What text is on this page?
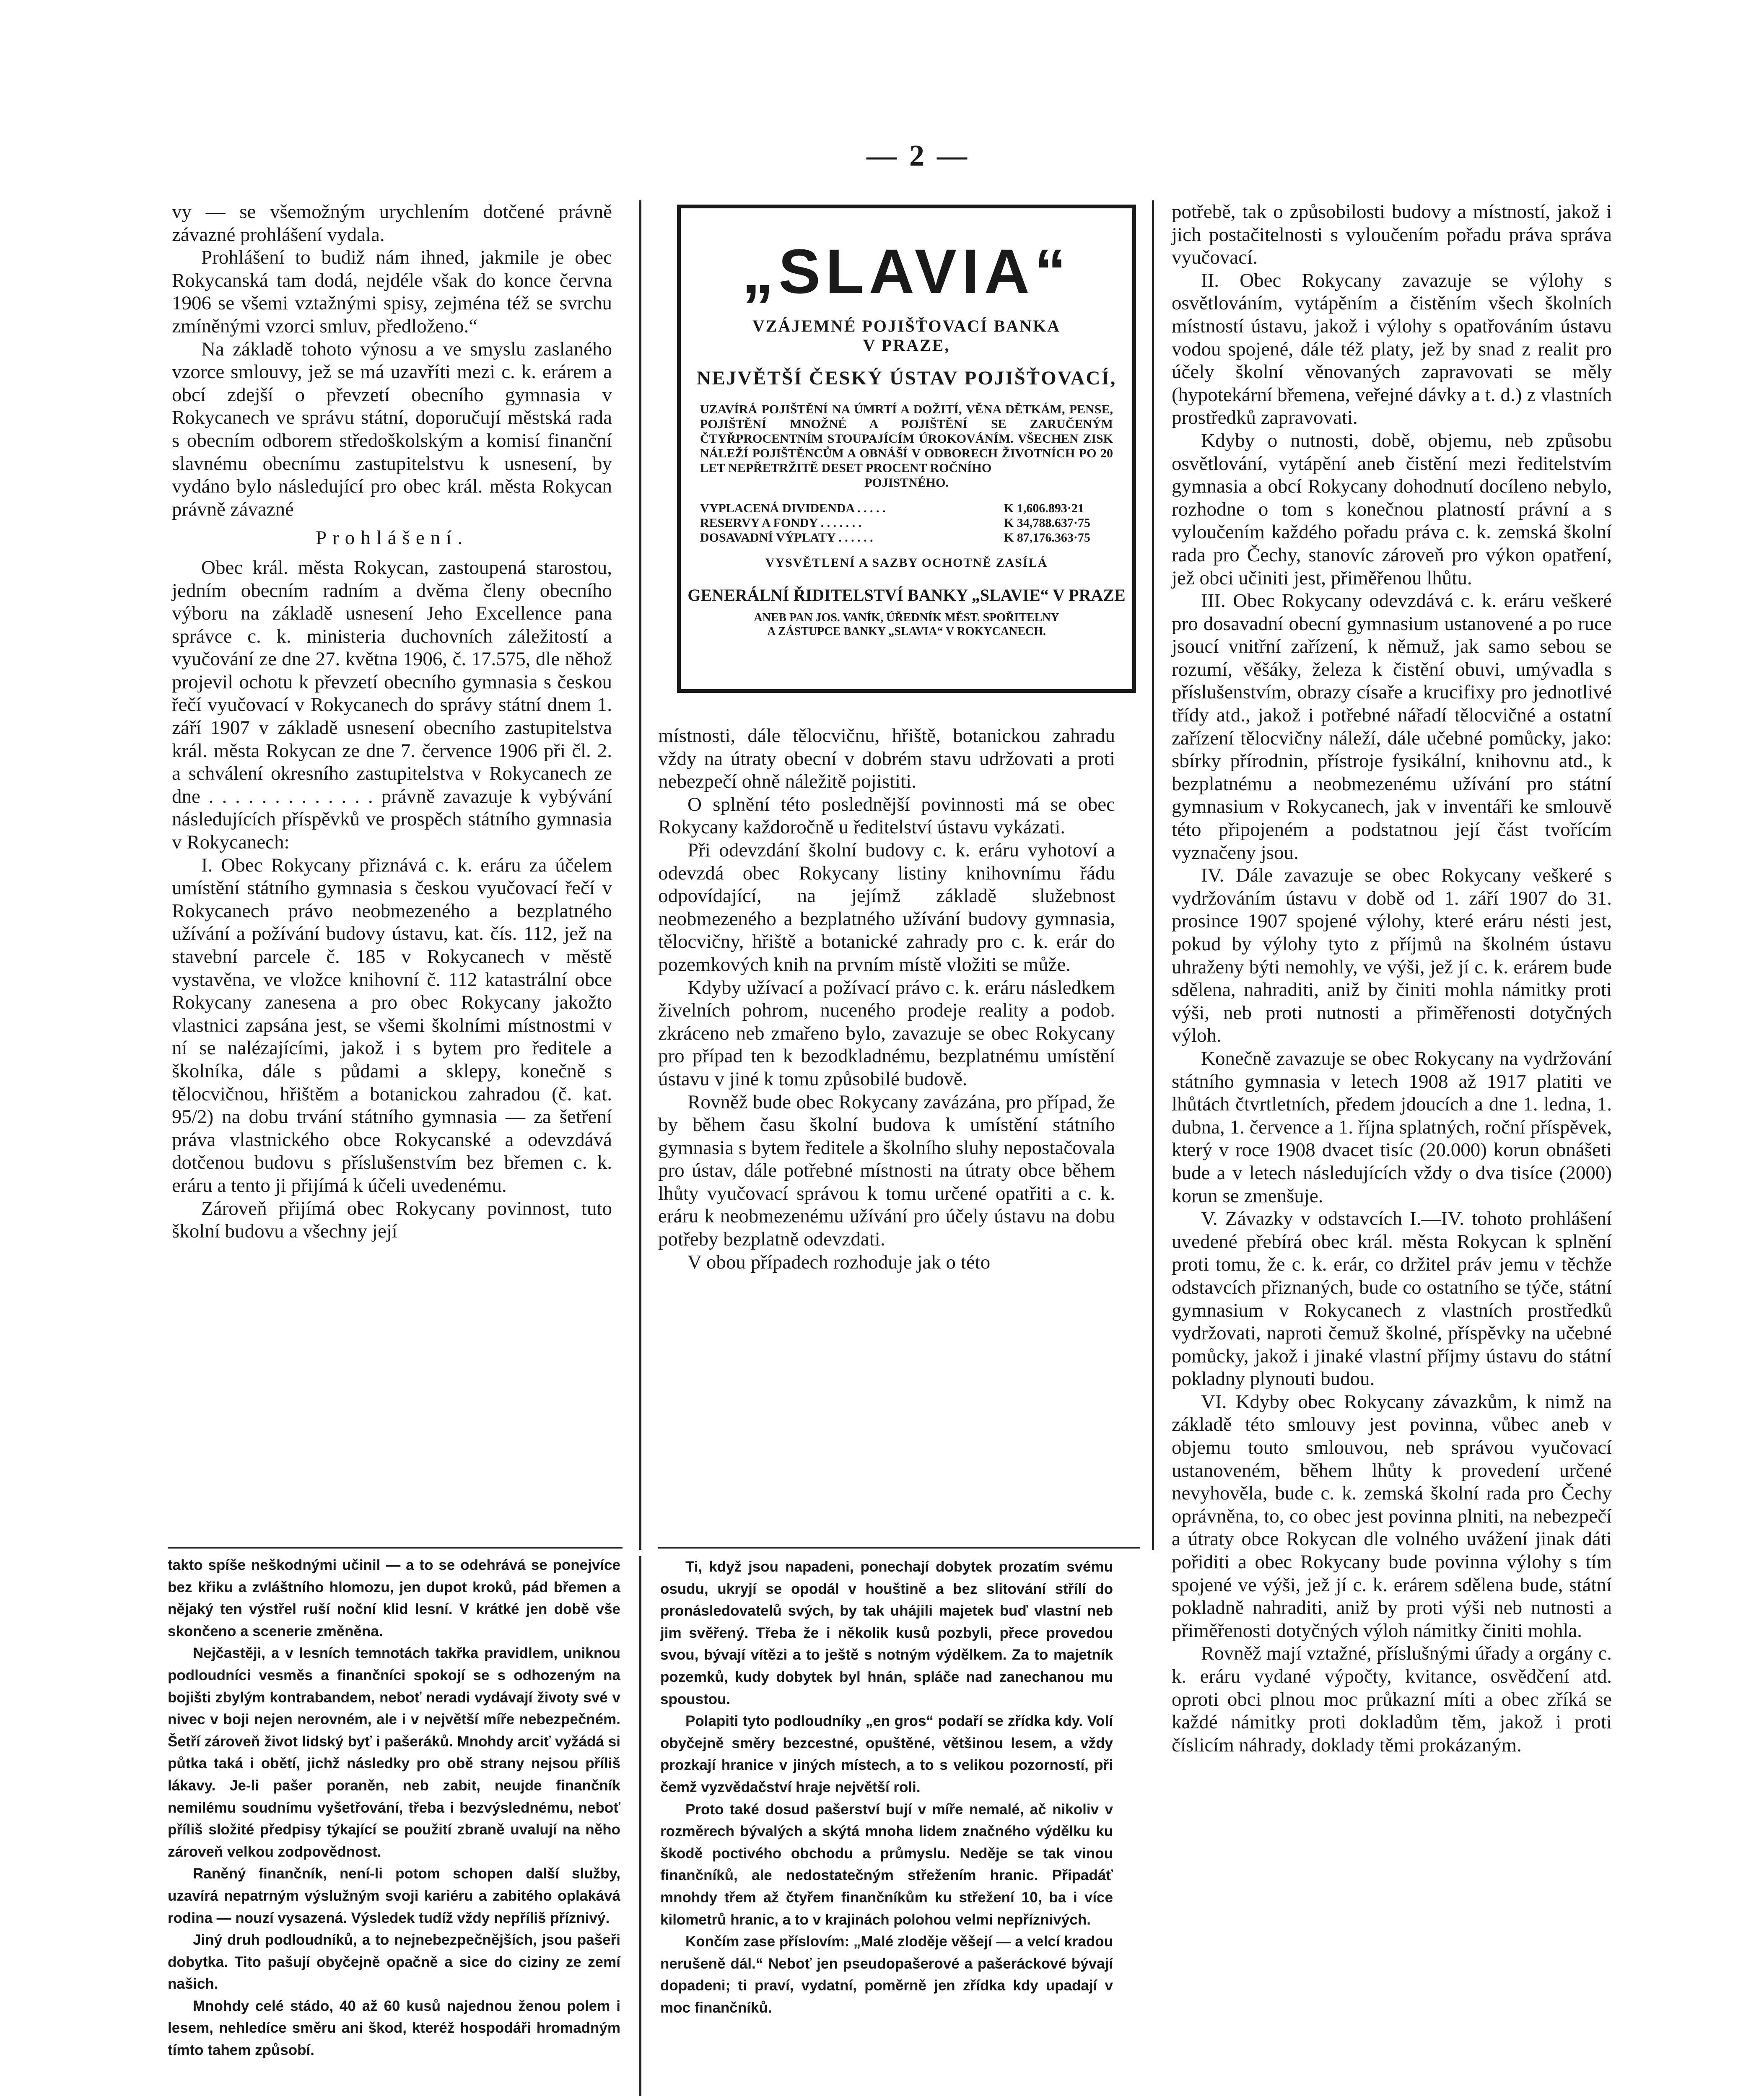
— 2 —

vy — se všemožným urychlením dotčené právně závazné prohlášení vydala.

Prohlášení to budiž nám ihned, jakmile je obec Rokycanská tam dodá, nejdéle však do konce června 1906 se všemi vztažnými spisy, zejména též se svrchu zmíněnými vzorci smluv, předloženo.“

Na základě tohoto výnosu a ve smyslu zaslaného vzorce smlouvy, jež se má uzavříti mezi c. k. erárem a obcí zdejší o převzetí obecního gymnasia v Rokycanech ve správu státní, doporučují městská rada s obecním odborem středoškolským a komisí finanční slavnému obecnímu zastupitelstvu k usnesení, by vydáno bylo následující pro obec král. města Rokycan právně závazné

Prohlášení.

Obec král. města Rokycan, zastoupená starostou, jedním obecním radním a dvěma členy obecního výboru na základě usnesení Jeho Excellence pana správce c. k. ministeria duchovních záležitostí a vyučování ze dne 27. května 1906, č. 17.575, dle něhož projevil ochotu k převzetí obecního gymnasia s českou řečí vyučovací v Rokycanech do správy státní dnem 1. září 1907 v základě usnesení obecního zastupitelstva král. města Rokycan ze dne 7. července 1906 při čl. 2. a schválení okresního zastupitelstva v Rokycanech ze dne . . . . . . . . . . . . . právně zavazuje k vybývání následujících příspěvků ve prospěch státního gymnasia v Rokycanech:

I. Obec Rokycany přiznává c. k. eráru za účelem umístění státního gymnasia s českou vyučovací řečí v Rokycanech právo neobmezeného a bezplatného užívání a požívání budovy ústavu, kat. čís. 112, jež na stavební parcele č. 185 v Rokycanech v městě vystavěna, ve vložce knihovní č. 112 katastrální obce Rokycany zanesena a pro obec Rokycany jakožto vlastnici zapsána jest, se všemi školními místnostmi v ní se nalézajícími, jakož i s bytem pro ředitele a školníka, dále s půdami a sklepy, konečně s tělocvičnou, hřištěm a botanickou zahradou (č. kat. 95/2) na dobu trvání státního gymnasia — za šetření práva vlastnického obce Rokycanské a odevzdává dotčenou budovu s příslušenstvím bez břemen c. k. eráru a tento ji přijímá k účeli uvedenému.

Zároveň přijímá obec Rokycany povinnost, tuto školní budovu a všechny její

„SLAVIA“
VZÁJEMNÉ POJIŠŤOVACÍ BANKA
V PRAZE,
NEJVĚTŠÍ ČESKÝ ÚSTAV POJIŠŤOVACÍ,
UZAVÍRÁ POJIŠTĚNÍ NA ÚMRTÍ A DOŽITÍ, VĚNA DĚTKÁM, PENSE, POJIŠTĚNÍ MNOŽNÉ A POJIŠTĚNÍ SE ZARUČENÝM ČTYŘPROCENTNÍM STOUPAJÍCÍM ÚROKOVÁNÍM. VŠECHEN ZISK NÁLEŽÍ POJIŠTĚNCŮM A OBNÁŠÍ V ODBORECH ŽIVOTNÍCH PO 20 LET NEPŘETRŽITĚ DESET PROCENT ROČNÍHO
POJISTNÉHO.
VYPLACENÁ DIVIDENDA . . . . .	K 1,606.893·21
RESERVY A FONDY . . . . . . .	K 34,788.637·75
DOSAVADNÍ VÝPLATY . . . . . .	K 87,176.363·75
VYSVĚTLENÍ A SAZBY OCHOTNĚ ZASÍLÁ
GENERÁLNÍ ŘIDITELSTVÍ BANKY „SLAVIE“ V PRAZE
ANEB PAN JOS. VANÍK, ÚŘEDNÍK MĚST. SPOŘITELNY
A ZÁSTUPCE BANKY „SLAVIA“ V ROKYCANECH.

místnosti, dále tělocvičnu, hřiště, botanickou zahradu vždy na útraty obecní v dobrém stavu udržovati a proti nebezpečí ohně náležitě pojistiti.

O splnění této poslednější povinnosti má se obec Rokycany každoročně u ředitelství ústavu vykázati.

Při odevzdání školní budovy c. k. eráru vyhotoví a odevzdá obec Rokycany listiny knihovnímu řádu odpovídající, na jejímž základě služebnost neobmezeného a bezplatného užívání budovy gymnasia, tělocvičny, hřiště a botanické zahrady pro c. k. erár do pozemkových knih na prvním místě vložiti se může.

Kdyby užívací a požívací právo c. k. eráru následkem živelních pohrom, nuceného prodeje reality a podob. zkráceno neb zmařeno bylo, zavazuje se obec Rokycany pro případ ten k bezodkladnému, bezplatnému umístění ústavu v jiné k tomu způsobilé budově.

Rovněž bude obec Rokycany zavázána, pro případ, že by během času školní budova k umístění státního gymnasia s bytem ředitele a školního sluhy nepostačovala pro ústav, dále potřebné místnosti na útraty obce během lhůty vyučovací správou k tomu určené opatřiti a c. k. eráru k neobmezenému užívání pro účely ústavu na dobu potřeby bezplatně odevzdati.

V obou případech rozhoduje jak o této

potřebě, tak o způsobilosti budovy a místností, jakož i jich postačitelnosti s vyloučením pořadu práva správa vyučovací.

II. Obec Rokycany zavazuje se výlohy s osvětlováním, vytápěním a čistěním všech školních místností ústavu, jakož i výlohy s opatřováním ústavu vodou spojené, dále též platy, jež by snad z realit pro účely školní věnovaných zapravovati se měly (hypotekární břemena, veřejné dávky a t. d.) z vlastních prostředků zapravovati.

Kdyby o nutnosti, době, objemu, neb způsobu osvětlování, vytápění aneb čistění mezi ředitelstvím gymnasia a obcí Rokycany dohodnutí docíleno nebylo, rozhodne o tom s konečnou platností právní a s vyloučením každého pořadu práva c. k. zemská školní rada pro Čechy, stanovíc zároveň pro výkon opatření, jež obci učiniti jest, přiměřenou lhůtu.

III. Obec Rokycany odevzdává c. k. eráru veškeré pro dosavadní obecní gymnasium ustanovené a po ruce jsoucí vnitřní zařízení, k němuž, jak samo sebou se rozumí, věšáky, železa k čistění obuvi, umývadla s příslušenstvím, obrazy císaře a krucifixy pro jednotlivé třídy atd., jakož i potřebné nářadí tělocvičné a ostatní zařízení tělocvičny náleží, dále učebné pomůcky, jako: sbírky přírodnin, přístroje fysikální, knihovnu atd., k bezplatnému a neobmezenému užívání pro státní gymnasium v Rokycanech, jak v inventáři ke smlouvě této připojeném a podstatnou její část tvořícím vyznačeny jsou.

IV. Dále zavazuje se obec Rokycany veškeré s vydržováním ústavu v době od 1. září 1907 do 31. prosince 1907 spojené výlohy, které eráru nésti jest, pokud by výlohy tyto z příjmů na školném ústavu uhraženy býti nemohly, ve výši, jež jí c. k. erárem bude sdělena, nahraditi, aniž by činiti mohla námitky proti výši, neb proti nutnosti a přiměřenosti dotyčných výloh.

Konečně zavazuje se obec Rokycany na vydržování státního gymnasia v letech 1908 až 1917 platiti ve lhůtách čtvrtletních, předem jdoucích a dne 1. ledna, 1. dubna, 1. července a 1. října splatných, roční příspěvek, který v roce 1908 dvacet tisíc (20.000) korun obnášeti bude a v letech následujících vždy o dva tisíce (2000) korun se zmenšuje.

V. Závazky v odstavcích I.—IV. tohoto prohlášení uvedené přebírá obec král. města Rokycan k splnění proti tomu, že c. k. erár, co držitel práv jemu v těchže odstavcích přiznaných, bude co ostatního se týče, státní gymnasium v Rokycanech z vlastních prostředků vydržovati, naproti čemuž školné, příspěvky na učebné pomůcky, jakož i jinaké vlastní příjmy ústavu do státní pokladny plynouti budou.

VI. Kdyby obec Rokycany závazkům, k nimž na základě této smlouvy jest povinna, vůbec aneb v objemu touto smlouvou, neb správou vyučovací ustanoveném, během lhůty k provedení určené nevyhověla, bude c. k. zemská školní rada pro Čechy oprávněna, to, co obec jest povinna plniti, na nebezpečí a útraty obce Rokycan dle volného uvážení jinak dáti pořiditi a obec Rokycany bude povinna výlohy s tím spojené ve výši, jež jí c. k. erárem sdělena bude, státní pokladně nahraditi, aniž by proti výši neb nutnosti a přiměřenosti dotyčných výloh námitky činiti mohla.

Rovněž mají vztažné, příslušnými úřady a orgány c. k. eráru vydané výpočty, kvitance, osvědčení atd. oproti obci plnou moc průkazní míti a obec zříká se každé námitky proti dokladům těm, jakož i proti číslicím náhrady, doklady těmi prokázaným.

takto spíše neškodnými učinil — a to se odehrává se ponejvíce bez křiku a zvláštního hlomozu, jen dupot kroků, pád břemen a nějaký ten výstřel ruší noční klid lesní. V krátké jen době vše skončeno a scenerie změněna.

Nejčastěji, a v lesních temnotách takřka pravidlem, uniknou podloudníci vesměs a finančníci spokojí se s odhozeným na bojišti zbylým kontrabandem, neboť neradi vydávají životy své v nivec v boji nejen nerovném, ale i v největší míře nebezpečném. Šetří zároveň život lidský byť i pašeráků. Mnohdy arciť vyžádá si půtka taká i obětí, jichž následky pro obě strany nejsou příliš lákavy. Je-li pašer poraněn, neb zabit, neujde finančník nemilému soudnímu vyšetřování, třeba i bezvýslednému, neboť příliš složité předpisy týkající se použití zbraně uvalují na něho zároveň velkou zodpovědnost.

Raněný finančník, není-li potom schopen další služby, uzavírá nepatrným výslužným svoji kariéru a zabitého oplakává rodina — nouzí vysazená. Výsledek tudíž vždy nepříliš příznivý.

Jiný druh podloudníků, a to nejnebezpečnějších, jsou pašeři dobytka. Tito pašují obyčejně opačně a sice do ciziny ze zemí našich.

Mnohdy celé stádo, 40 až 60 kusů najednou ženou polem i lesem, nehledíce směru ani škod, kteréž hospodáři hromadným tímto tahem způsobí.

Ti, když jsou napadeni, ponechají dobytek prozatím svému osudu, ukryjí se opodál v houštině a bez slitování střílí do pronásledovatelů svých, by tak uhájili majetek buď vlastní neb jim svěřený. Třeba že i několik kusů pozbyli, přece provedou svou, bývají vítězi a to ještě s notným výdělkem. Za to majetník pozemků, kudy dobytek byl hnán, spláče nad zanechanou mu spoustou.

Polapiti tyto podloudníky „en gros“ podaří se zřídka kdy. Volí obyčejně směry bezcestné, opuštěné, většinou lesem, a vždy prozkají hranice v jiných místech, a to s velikou pozorností, při čemž vyzvědačství hraje největší roli.

Proto také dosud pašerství bují v míře nemalé, ač nikoliv v rozměrech bývalých a skýtá mnoha lidem značného výdělku ku škodě poctivého obchodu a průmyslu. Neděje se tak vinou finančníků, ale nedostatečným střežením hranic. Připadáť mnohdy třem až čtyřem finančníkům ku střežení 10, ba i více kilometrů hranic, a to v krajinách polohou velmi nepříznivých.

Končím zase příslovím: „Malé zloděje věšejí — a velcí kradou nerušeně dál.“ Neboť jen pseudopašerové a pašeráckové bývají dopadeni; ti praví, vydatní, poměrně jen zřídka kdy upadají v moc finančníků.
